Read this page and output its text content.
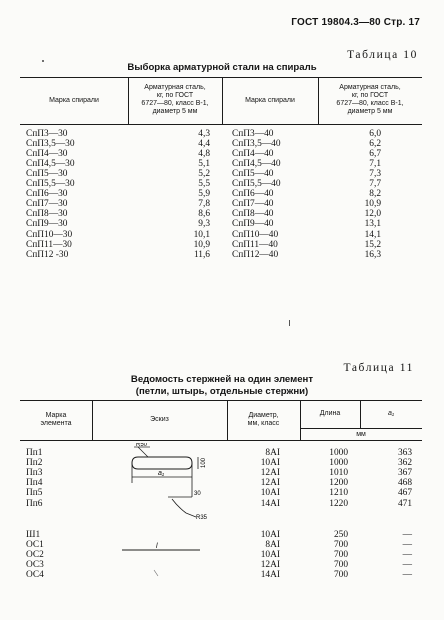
ГОСТ 19804.3—80 Стр. 17
Таблица 10
Выборка арматурной стали на спираль
Марка спирали
Арматурная сталь,
кг, по ГОСТ
6727—80, класс В-1,
диаметр 5 мм
Марка спирали
Арматурная сталь,
кг, по ГОСТ
6727—80, класс В-1,
диаметр 5 мм
СпП3—30	4,3 СпП3—40	6,0
СпП3,5—30	4,4 СпП3,5—40	6,2
СпП4—30	4,8 СпП4—40	6,7
СпП4,5—30	5,1 СпП4,5—40	7,1
СпП5—30	5,2 СпП5—40	7,3
СпП5,5—30	5,5 СпП5,5—40	7,7
СпП6—30	5,9 СпП6—40	8,2
СпП7—30	7,8 СпП7—40	10,9
СпП8—30	8,6 СпП8—40	12,0
СпП9—30	9,3 СпП9—40	13,1
СпП10—30	10,1 СпП10—40	14,1
СпП11—30	10,9 СпП11—40	15,2
СпП12 -30	11,6 СпП12—40	16,3
Таблица 11
Ведомость стержней на один элемент
(петли, штырь, отдельные стержни)
Марка
элемента
Эскиз
Диаметр,
мм, класс
Длина	a₁
мм
Пп1	8AI	1000	363
Пп2	10AI	1000	362
Пп3	12AI	1010	367
Пп4	12AI	1200	468
Пп5	10AI	1210	467
Пп6	14AI	1220	471
Ш1	10AI	250	—
ОС1	8AI	700	—
ОС2	10AI	700	—
ОС3	12AI	700	—
ОС4	14AI	700	—
R50
100
a₁
30
R35
l
